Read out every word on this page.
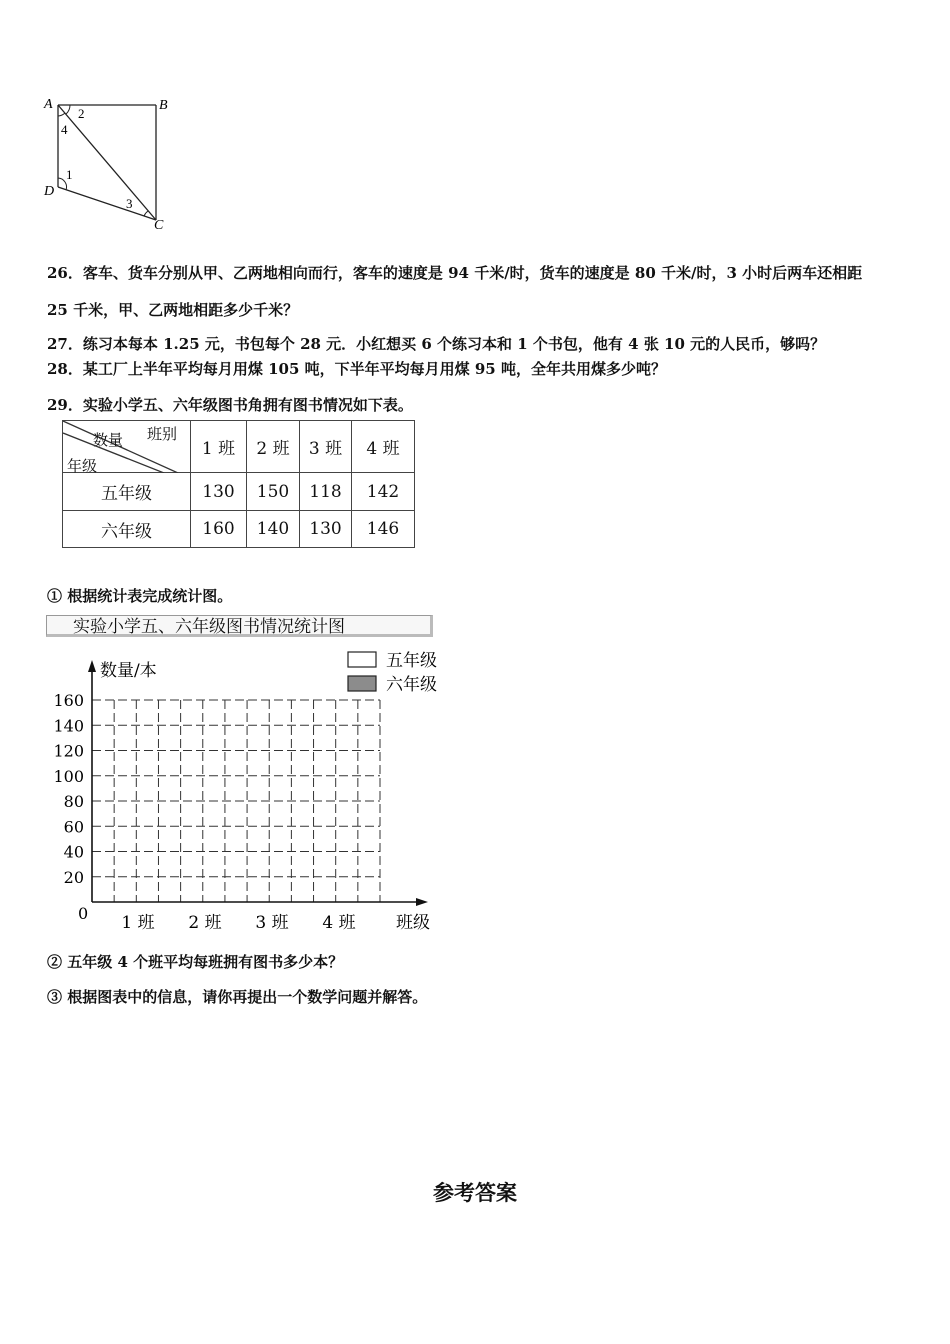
A	B
C
D
2
4
1
3
26．客车、货车分别从甲、乙两地相向而行，客车的速度是 94 千米/时，货车的速度是 80 千米/时，3 小时后两车还相距
25 千米，甲、乙两地相距多少千米？
27．练习本每本 1.25 元，书包每个 28 元．小红想买 6 个练习本和 1 个书包，他有 4 张 10 元的人民币，够吗？
28．某工厂上半年平均每月用煤 105 吨，下半年平均每月用煤 95 吨，全年共用煤多少吨？
29．实验小学五、六年级图书角拥有图书情况如下表。
班别
数量
年级	1 班	2 班	3 班	4 班
五年级	130	150	118	142
六年级	160	140	130	146
① 根据统计表完成统计图。
实验小学五、六年级图书情况统计图
数量/本
班级
0
20
40
60
80
100
120
140
160
1 班 2 班 3 班 4 班
五年级
六年级
② 五年级 4 个班平均每班拥有图书多少本？
③ 根据图表中的信息，请你再提出一个数学问题并解答。
参考答案
